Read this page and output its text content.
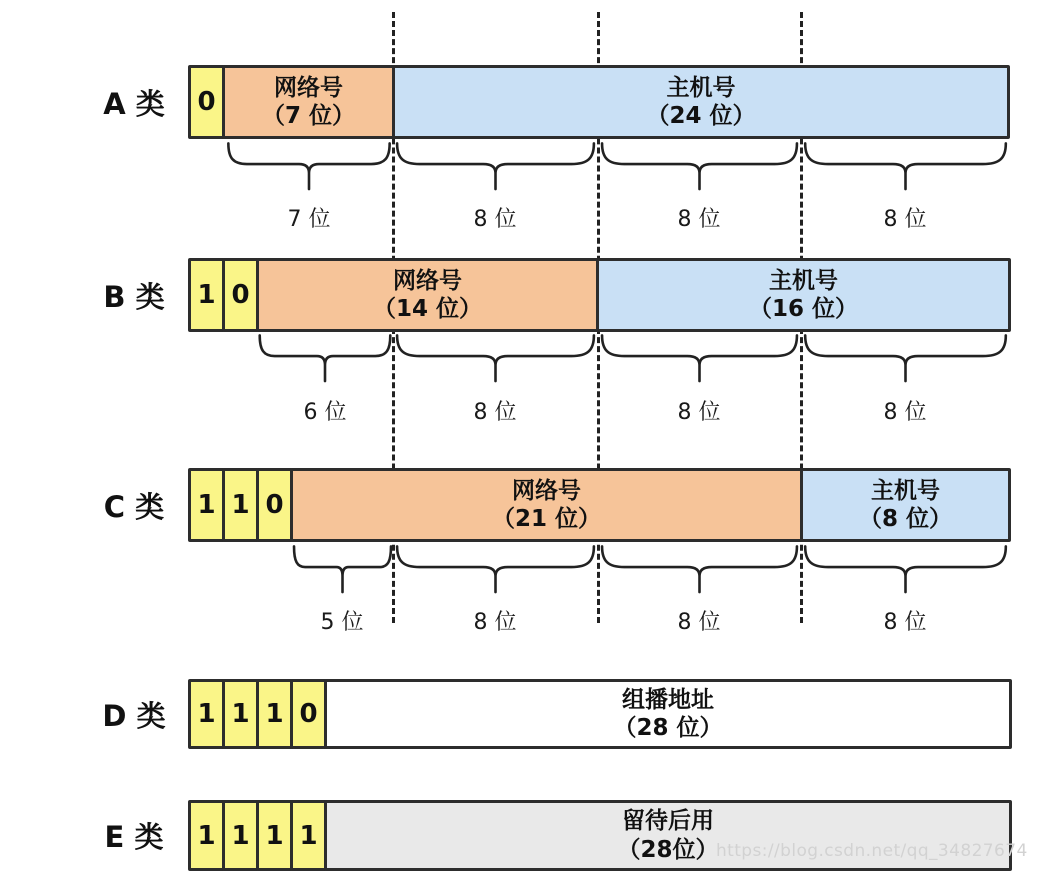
A 类	0	网络号
（7 位）
主机号
（24 位）
7 位	8 位	8 位	8 位
B 类	1 0	网络号
（14 位）
主机号
（16 位）
6 位	8 位	8 位	8 位
C 类	1 1 0	网络号
（21 位）
主机号
（8 位）
5 位	8 位	8 位	8 位
D 类	1 1 1 0	组播地址
（28 位）
E 类	1 1 1 1	留待后用
（28位）
https://blog.csdn.net/qq_34827674
